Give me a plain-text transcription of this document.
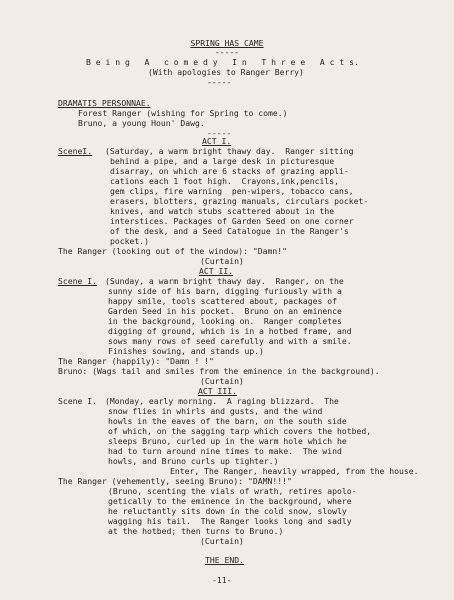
SPRING HAS CAME
-----
B e i n g   A   c o m e d y   I n   T h r e e   A c t s.
(With apologies to Ranger Berry)
-----
DRAMATIS PERSONNAE.
Forest Ranger (wishing for Spring to come.)
Bruno, a young Houn' Dawg.
-----
ACT I.
SceneI. (Saturday, a warm bright thawy day.  Ranger sitting
behind a pipe, and a large desk in picturesque
disarray, on which are 6 stacks of grazing appli-
cations each 1 foot high.  Crayons,ink,pencils,
gem clips, fire warning  pen-wipers, tobacco cans,
erasers, blotters, grazing manuals, circulars pocket-
knives, and watch stubs scattered about in the
interstices. Packages of Garden Seed on one corner
of the desk, and a Seed Catalogue in the Ranger's
pocket.)
The Ranger (looking out of the window): "Damn!"
(Curtain)
ACT II.
Scene I. (Sunday, a warm bright thawy day.  Ranger, on the
sunny side of his barn, digging furiously with a
happy smile, tools scattered about, packages of
Garden Seed in his pocket.  Bruno on an eminence
in the background, looking on.  Ranger completes
digging of ground, which is in a hotbed frame, and
sows many rows of seed carefully and with a smile.
Finishes sowing, and stands up.)
The Ranger (happily): "Damn ! !"
Bruno: (Wags tail and smiles from the eminence in the background).
(Curtain)
ACT III.
Scene I. (Monday, early morning.  A raging blizzard.  The
snow flies in whirls and gusts, and the wind
howls in the eaves of the barn, on the south side
of which, on the sagging tarp which covers the hotbed,
sleeps Bruno, curled up in the warm hole which he
had to turn around nine times to make.  The wind
howls, and Bruno curls up tighter.)
Enter, The Ranger, heavily wrapped, from the house.
The Ranger (vehemently, seeing Bruno): "DAMN!!!"
(Bruno, scenting the vials of wrath, retires apolo-
getically to the eminence in the background, where
he reluctantly sits down in the cold snow, slowly
wagging his tail.  The Ranger looks long and sadly
at the hotbed; then turns to Bruno.)
(Curtain)
THE END.
-11-
